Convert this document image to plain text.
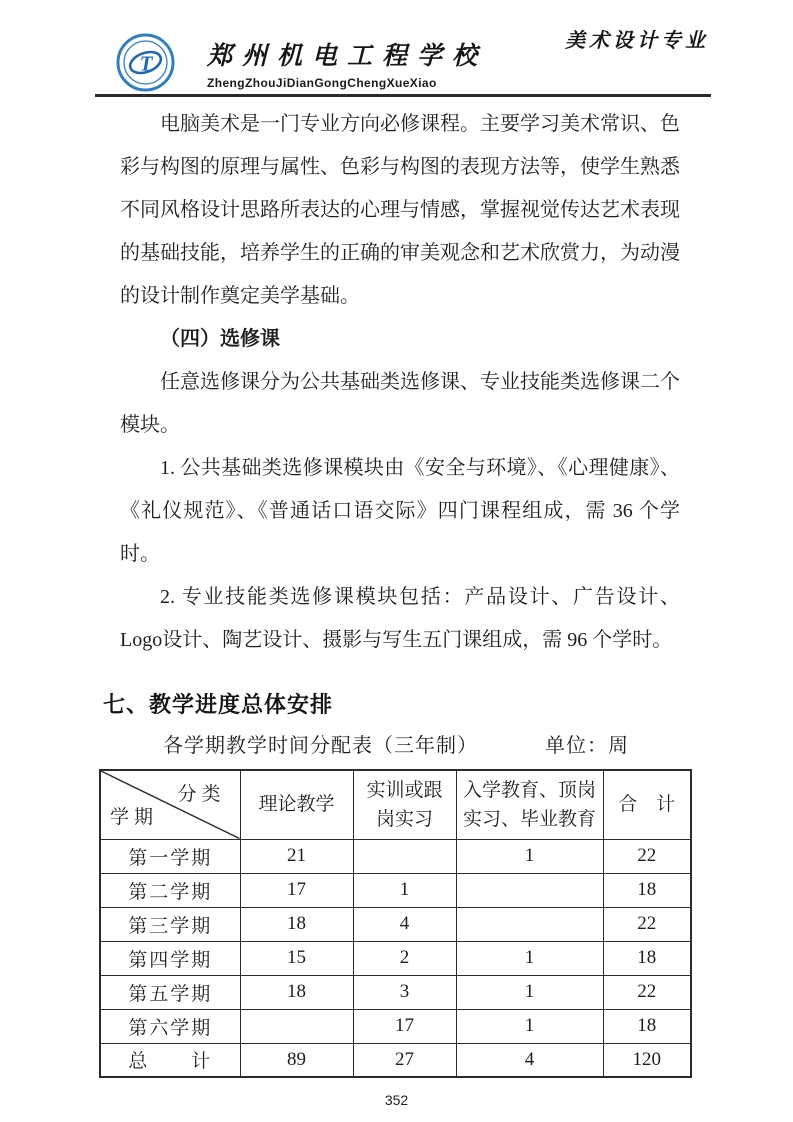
T 郑州机电工程学校
ZhengZhouJiDianGongChengXueXiao
美术设计专业

电脑美术是一门专业方向必修课程。主要学习美术常识、色彩与构图的原理与属性、色彩与构图的表现方法等，使学生熟悉不同风格设计思路所表达的心理与情感，掌握视觉传达艺术表现的基础技能，培养学生的正确的审美观念和艺术欣赏力，为动漫的设计制作奠定美学基础。

（四）选修课

任意选修课分为公共基础类选修课、专业技能类选修课二个模块。

1. 公共基础类选修课模块由《安全与环境》、《心理健康》、《礼仪规范》、《普通话口语交际》四门课程组成，需 36 个学时。

2. 专业技能类选修课模块包括：产品设计、广告设计、Logo设计、陶艺设计、摄影与写生五门课组成，需 96 个学时。

七、教学进度总体安排
各学期教学时间分配表（三年制）	单位：周
分类
学期	理论教学	实训或跟岗实习	入学教育、顶岗实习、毕业教育	合　计
第一学期	21		1	22
第二学期	17	1		18
第三学期	18	4		22
第四学期	15	2	1	18
第五学期	18	3	1	22
第六学期		17	1	18
总　　计	89	27	4	120
352
